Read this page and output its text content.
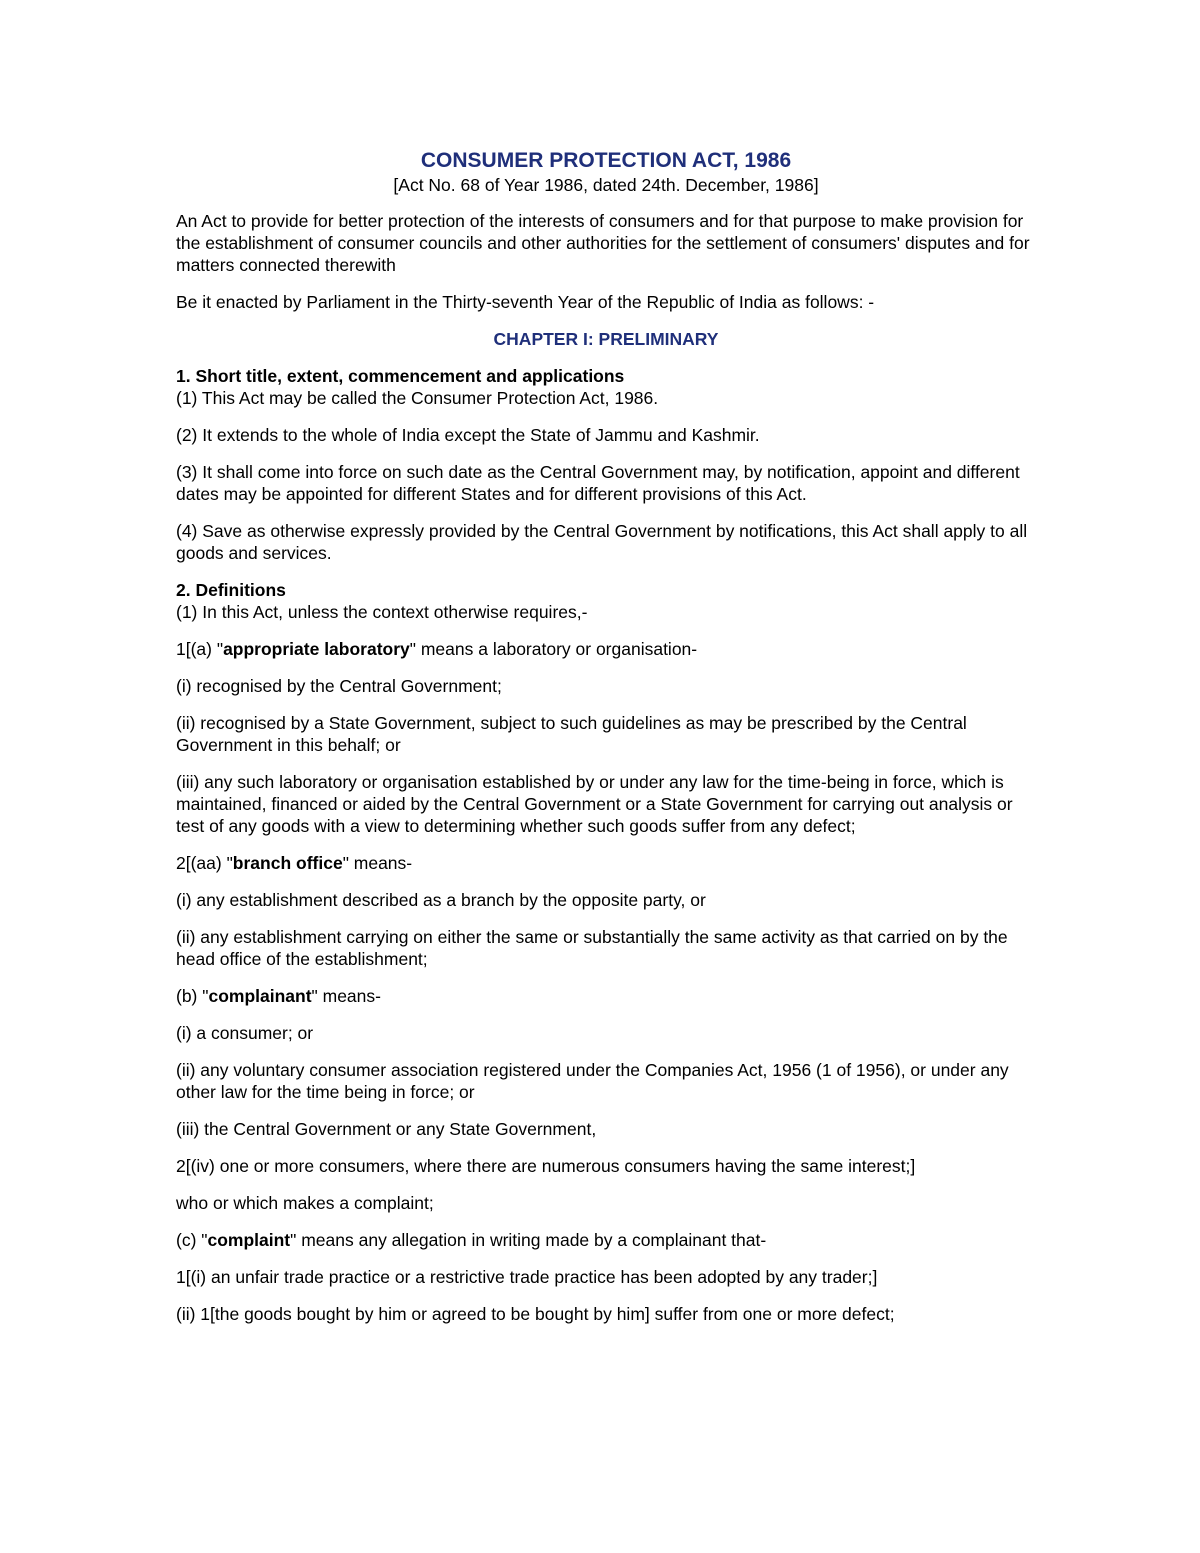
CONSUMER PROTECTION ACT, 1986
[Act No. 68 of Year 1986, dated 24th. December, 1986]

An Act to provide for better protection of the interests of consumers and for that purpose to make provision for the establishment of consumer councils and other authorities for the settlement of consumers' disputes and for matters connected therewith

Be it enacted by Parliament in the Thirty-seventh Year of the Republic of India as follows: -

CHAPTER I: PRELIMINARY
1. Short title, extent, commencement and applications

(1) This Act may be called the Consumer Protection Act, 1986.

(2) It extends to the whole of India except the State of Jammu and Kashmir.

(3) It shall come into force on such date as the Central Government may, by notification, appoint and different dates may be appointed for different States and for different provisions of this Act.

(4) Save as otherwise expressly provided by the Central Government by notifications, this Act shall apply to all goods and services.

2. Definitions

(1) In this Act, unless the context otherwise requires,-

1[(a) "appropriate laboratory" means a laboratory or organisation-

(i) recognised by the Central Government;

(ii) recognised by a State Government, subject to such guidelines as may be prescribed by the Central Government in this behalf; or

(iii) any such laboratory or organisation established by or under any law for the time-being in force, which is maintained, financed or aided by the Central Government or a State Government for carrying out analysis or test of any goods with a view to determining whether such goods suffer from any defect;

2[(aa) "branch office" means-

(i) any establishment described as a branch by the opposite party, or

(ii) any establishment carrying on either the same or substantially the same activity as that carried on by the head office of the establishment;

(b) "complainant" means-

(i) a consumer; or

(ii) any voluntary consumer association registered under the Companies Act, 1956 (1 of 1956), or under any other law for the time being in force; or

(iii) the Central Government or any State Government,

2[(iv) one or more consumers, where there are numerous consumers having the same interest;]

who or which makes a complaint;

(c) "complaint" means any allegation in writing made by a complainant that-

1[(i) an unfair trade practice or a restrictive trade practice has been adopted by any trader;]

(ii) 1[the goods bought by him or agreed to be bought by him] suffer from one or more defect;
